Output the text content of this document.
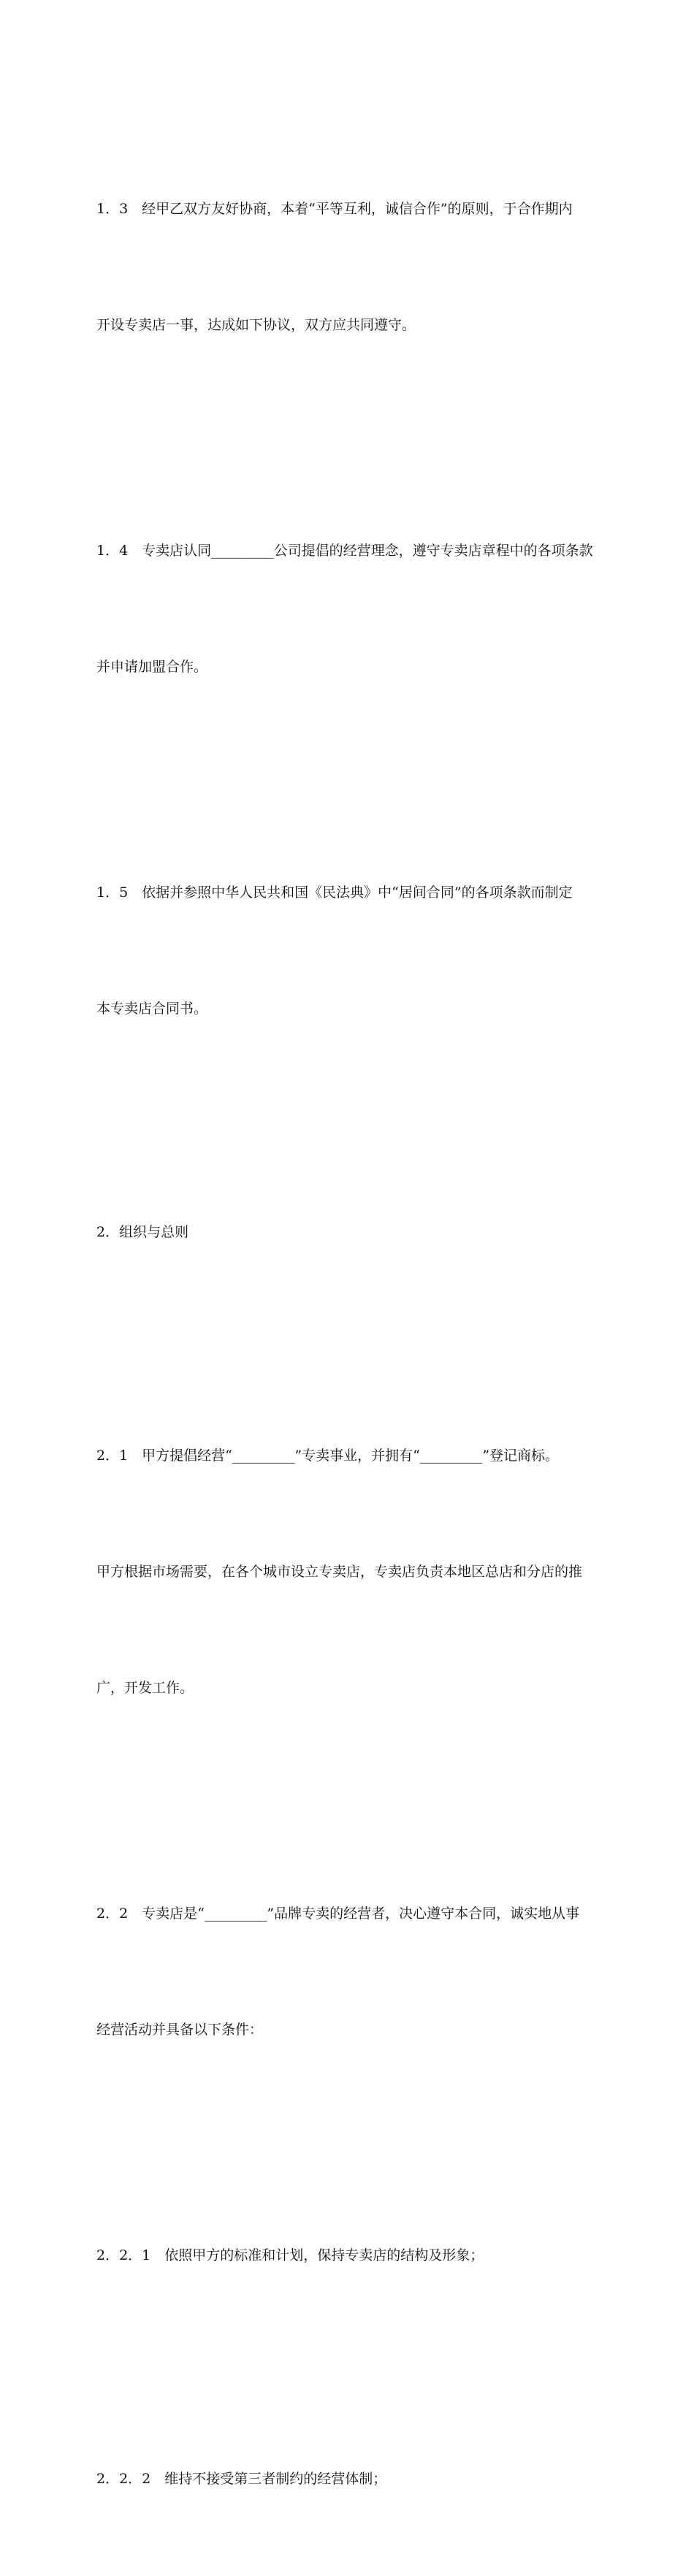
1．3　经甲乙双方友好协商，本着“平等互利，诚信合作”的原则，于合作期内

开设专卖店一事，达成如下协议，双方应共同遵守。

1．4　专卖店认同_________公司提倡的经营理念，遵守专卖店章程中的各项条款

并申请加盟合作。

1．5　依据并参照中华人民共和国《民法典》中“居间合同”的各项条款而制定

本专卖店合同书。

2．组织与总则

2．1　甲方提倡经营“_________”专卖事业，并拥有“_________”登记商标。

甲方根据市场需要，在各个城市设立专卖店，专卖店负责本地区总店和分店的推

广，开发工作。

2．2　专卖店是“_________”品牌专卖的经营者，决心遵守本合同，诚实地从事

经营活动并具备以下条件：

2．2．1　依照甲方的标准和计划，保持专卖店的结构及形象；

2．2．2　维持不接受第三者制约的经营体制；
